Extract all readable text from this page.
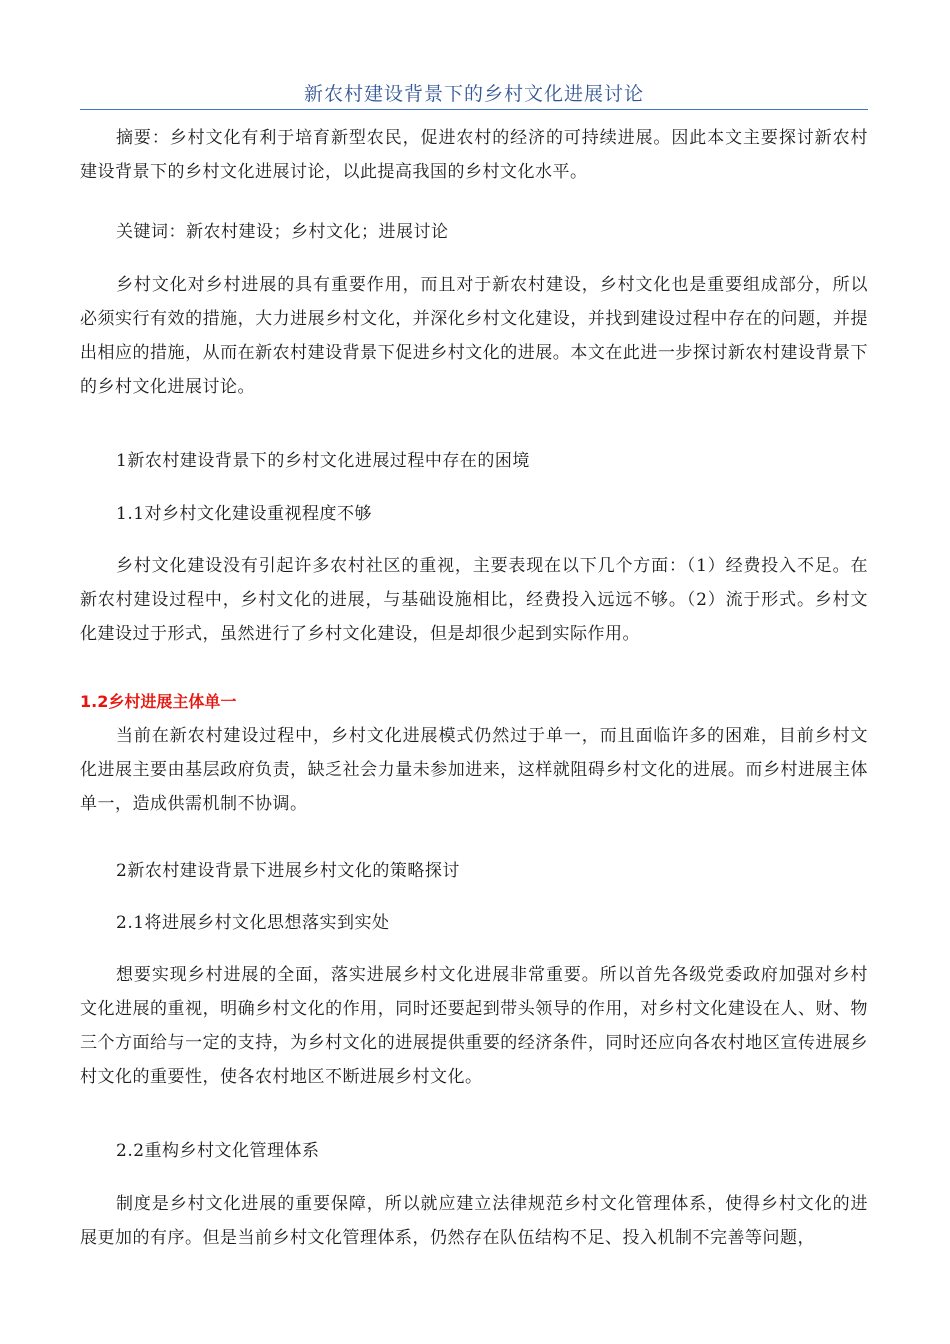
新农村建设背景下的乡村文化进展讨论
摘要：乡村文化有利于培育新型农民，促进农村的经济的可持续进展。因此本文主要探讨新农村建设背景下的乡村文化进展讨论，以此提高我国的乡村文化水平。
关键词：新农村建设；乡村文化；进展讨论
乡村文化对乡村进展的具有重要作用，而且对于新农村建设，乡村文化也是重要组成部分，所以必须实行有效的措施，大力进展乡村文化，并深化乡村文化建设，并找到建设过程中存在的问题，并提出相应的措施，从而在新农村建设背景下促进乡村文化的进展。本文在此进一步探讨新农村建设背景下的乡村文化进展讨论。
1新农村建设背景下的乡村文化进展过程中存在的困境
1.1对乡村文化建设重视程度不够
乡村文化建设没有引起许多农村社区的重视，主要表现在以下几个方面：（1）经费投入不足。在新农村建设过程中，乡村文化的进展，与基础设施相比，经费投入远远不够。（2）流于形式。乡村文化建设过于形式，虽然进行了乡村文化建设，但是却很少起到实际作用。
1.2乡村进展主体单一
当前在新农村建设过程中，乡村文化进展模式仍然过于单一，而且面临许多的困难，目前乡村文化进展主要由基层政府负责，缺乏社会力量未参加进来，这样就阻碍乡村文化的进展。而乡村进展主体单一，造成供需机制不协调。
2新农村建设背景下进展乡村文化的策略探讨
2.1将进展乡村文化思想落实到实处
想要实现乡村进展的全面，落实进展乡村文化进展非常重要。所以首先各级党委政府加强对乡村文化进展的重视，明确乡村文化的作用，同时还要起到带头领导的作用，对乡村文化建设在人、财、物三个方面给与一定的支持，为乡村文化的进展提供重要的经济条件，同时还应向各农村地区宣传进展乡村文化的重要性，使各农村地区不断进展乡村文化。
2.2重构乡村文化管理体系
制度是乡村文化进展的重要保障，所以就应建立法律规范乡村文化管理体系，使得乡村文化的进展更加的有序。但是当前乡村文化管理体系，仍然存在队伍结构不足、投入机制不完善等问题，
